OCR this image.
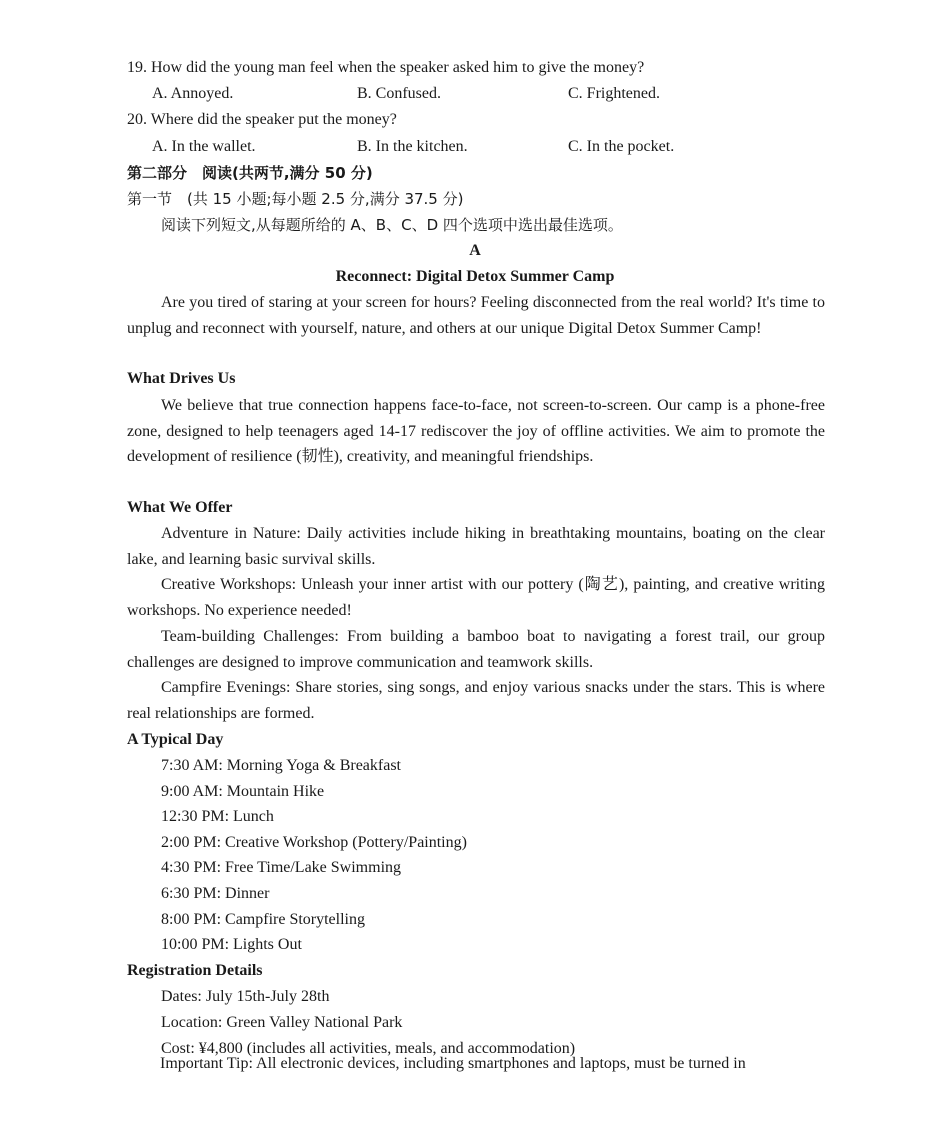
19. How did the young man feel when the speaker asked him to give the money?
A. Annoyed.	B. Confused.	C. Frightened.
20. Where did the speaker put the money?
A. In the wallet.	B. In the kitchen.	C. In the pocket.
第二部分　阅读(共两节,满分 50 分)
第一节　(共 15 小题;每小题 2.5 分,满分 37.5 分)
阅读下列短文,从每题所给的 A、B、C、D 四个选项中选出最佳选项。
A
Reconnect: Digital Detox Summer Camp
Are you tired of staring at your screen for hours? Feeling disconnected from the real world? It's time to unplug and reconnect with yourself, nature, and others at our unique Digital Detox Summer Camp!
What Drives Us
We believe that true connection happens face-to-face, not screen-to-screen. Our camp is a phone-free zone, designed to help teenagers aged 14-17 rediscover the joy of offline activities. We aim to promote the development of resilience (韧性), creativity, and meaningful friendships.
What We Offer
Adventure in Nature: Daily activities include hiking in breathtaking mountains, boating on the clear lake, and learning basic survival skills.
Creative Workshops: Unleash your inner artist with our pottery (陶艺), painting, and creative writing workshops. No experience needed!
Team-building Challenges: From building a bamboo boat to navigating a forest trail, our group challenges are designed to improve communication and teamwork skills.
Campfire Evenings: Share stories, sing songs, and enjoy various snacks under the stars. This is where real relationships are formed.
A Typical Day
7:30 AM: Morning Yoga & Breakfast
9:00 AM: Mountain Hike
12:30 PM: Lunch
2:00 PM: Creative Workshop (Pottery/Painting)
4:30 PM: Free Time/Lake Swimming
6:30 PM: Dinner
8:00 PM: Campfire Storytelling
10:00 PM: Lights Out
Registration Details
Dates: July 15th-July 28th
Location: Green Valley National Park
Cost: ¥4,800 (includes all activities, meals, and accommodation)
Important Tip: All electronic devices, including smartphones and laptops, must be turned in
